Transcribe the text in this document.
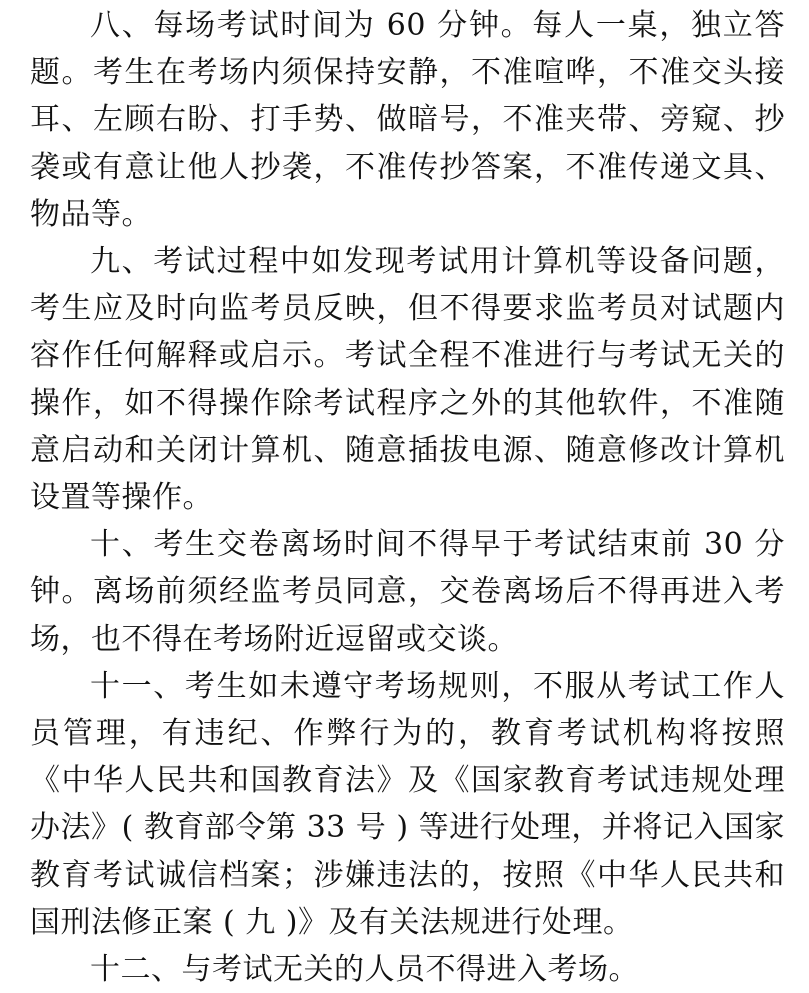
八、每场考试时间为 60 分钟。每人一桌，独立答题。考生在考场内须保持安静，不准喧哗，不准交头接耳、左顾右盼、打手势、做暗号，不准夹带、旁窥、抄袭或有意让他人抄袭，不准传抄答案，不准传递文具、物品等。

九、考试过程中如发现考试用计算机等设备问题，考生应及时向监考员反映，但不得要求监考员对试题内容作任何解释或启示。考试全程不准进行与考试无关的操作，如不得操作除考试程序之外的其他软件，不准随意启动和关闭计算机、随意插拔电源、随意修改计算机设置等操作。

十、考生交卷离场时间不得早于考试结束前 30 分钟。离场前须经监考员同意，交卷离场后不得再进入考场，也不得在考场附近逗留或交谈。

十一、考生如未遵守考场规则，不服从考试工作人员管理，有违纪、作弊行为的，教育考试机构将按照《中华人民共和国教育法》及《国家教育考试违规处理办法》( 教育部令第 33 号 ) 等进行处理，并将记入国家教育考试诚信档案；涉嫌违法的，按照《中华人民共和国刑法修正案 ( 九 )》及有关法规进行处理。

十二、与考试无关的人员不得进入考场。
